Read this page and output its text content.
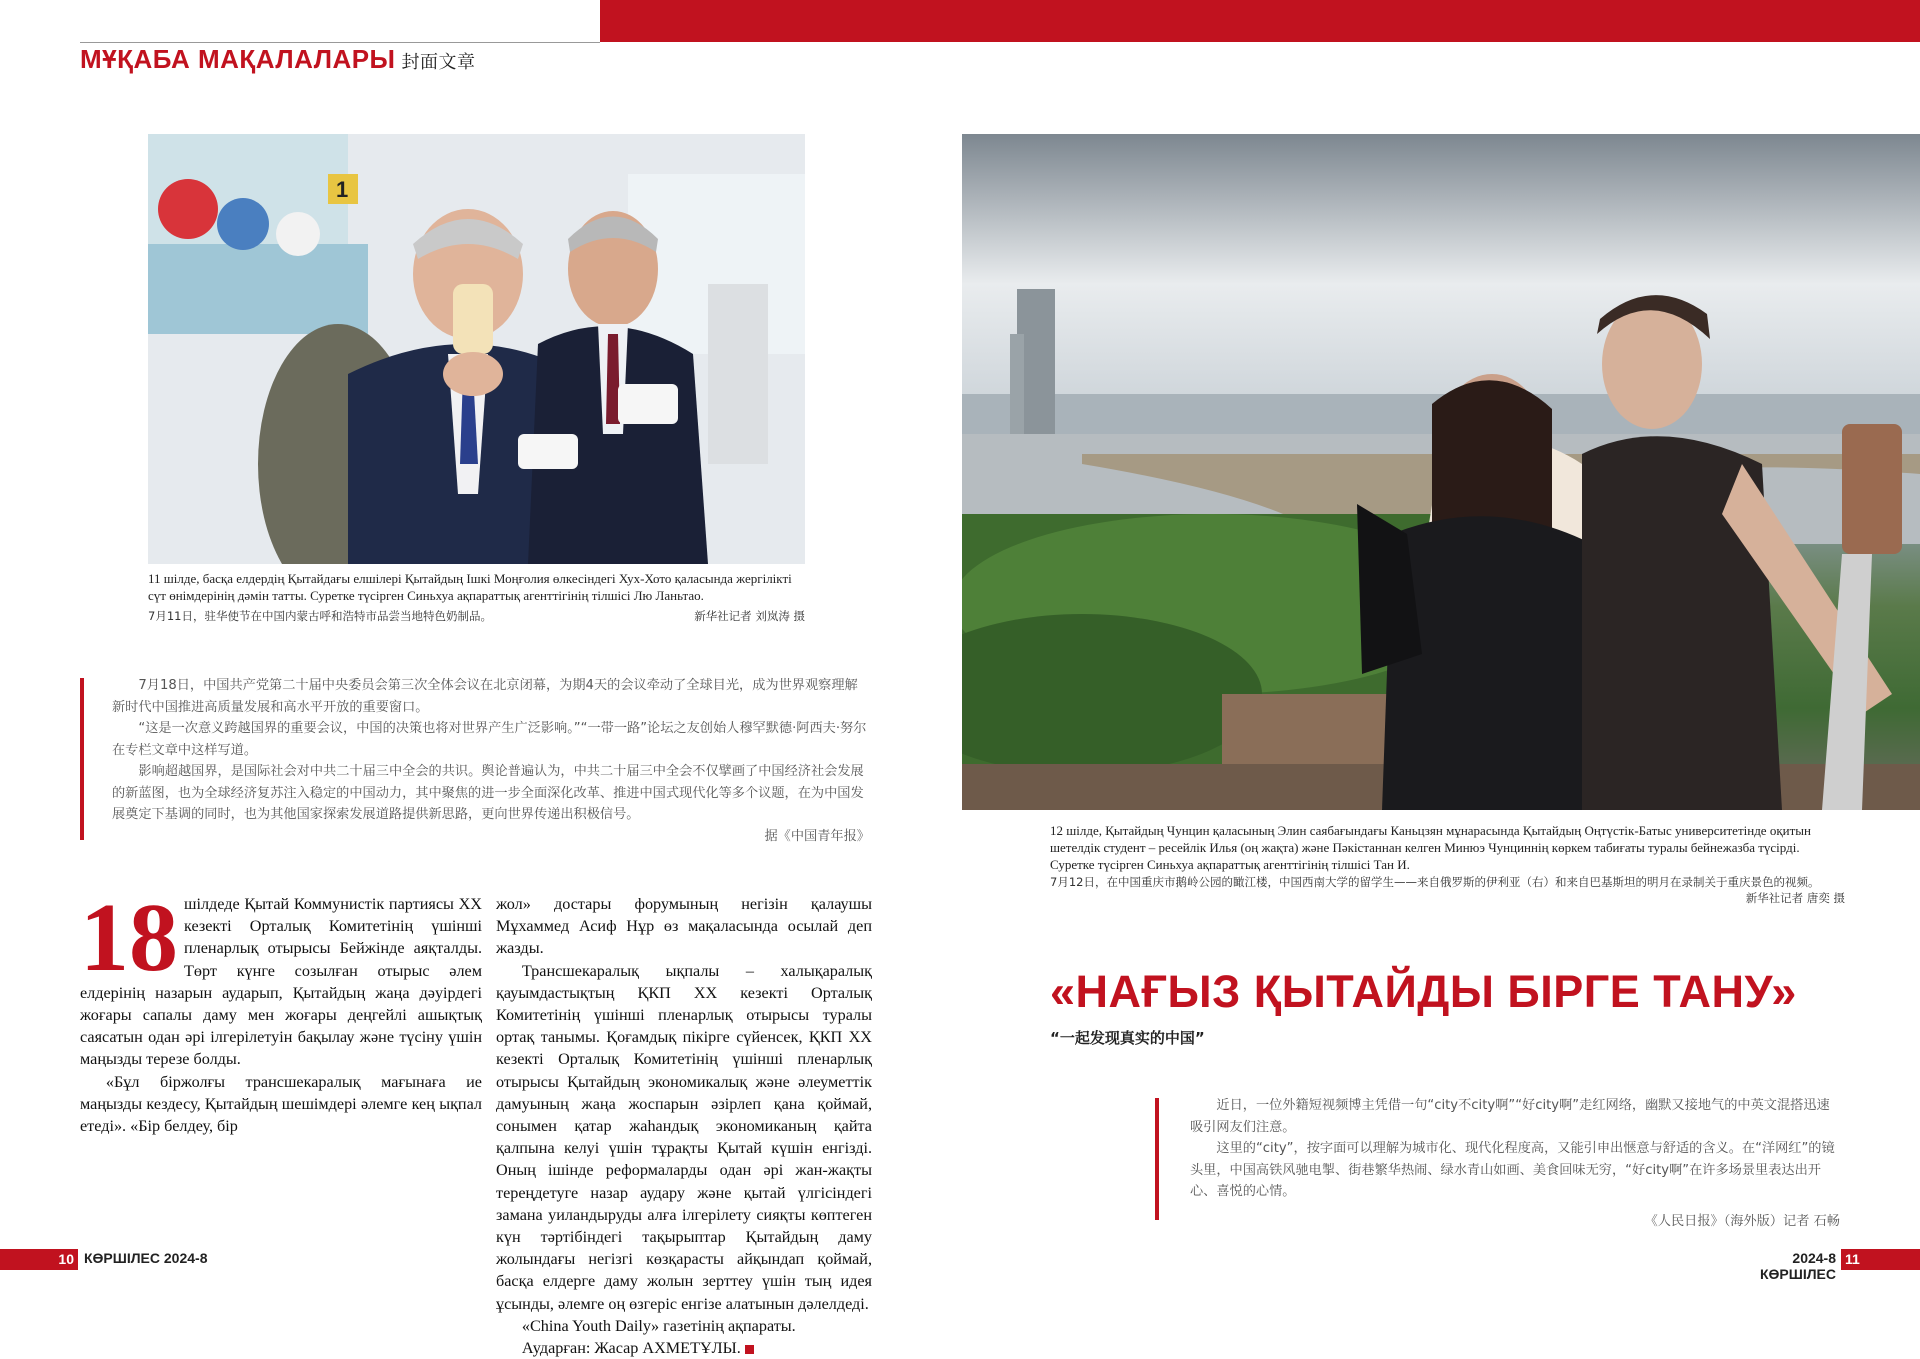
МҰҚАБА МАҚАЛАЛАРЫ 封面文章
1
11 шілде, басқа елдердің Қытайдағы елшілері Қытайдың Ішкі Моңғолия өлкесіндегі Хух-Хото қаласында жергілікті сүт өнімдерінің дәмін татты. Суретке түсірген Синьхуа ақпараттық агенттігінің тілшісі Лю Ланьтао.
7月11日，驻华使节在中国内蒙古呼和浩特市品尝当地特色奶制品。	新华社记者 刘岚涛 摄

7月18日，中国共产党第二十届中央委员会第三次全体会议在北京闭幕，为期4天的会议牵动了全球目光，成为世界观察理解新时代中国推进高质量发展和高水平开放的重要窗口。

“这是一次意义跨越国界的重要会议，中国的决策也将对世界产生广泛影响。”“一带一路”论坛之友创始人穆罕默德·阿西夫·努尔在专栏文章中这样写道。

影响超越国界，是国际社会对中共二十届三中全会的共识。舆论普遍认为，中共二十届三中全会不仅擘画了中国经济社会发展的新蓝图，也为全球经济复苏注入稳定的中国动力，其中聚焦的进一步全面深化改革、推进中国式现代化等多个议题，在为中国发展奠定下基调的同时，也为其他国家探索发展道路提供新思路，更向世界传递出积极信号。

据《中国青年报》
18 шілдеде Қытай Коммунистік партиясы XX кезекті Орталық Комитетінің үшінші пленарлық отырысы Бейжінде аяқталды. Төрт күнге созылған отырыс әлем елдерінің назарын аударып, Қытайдың жаңа дәуірдегі жоғары сапалы даму мен жоғары деңгейлі ашықтық саясатын одан әрі ілгерілетуін бақылау және түсіну үшін маңызды терезе болды.

«Бұл біржолғы трансшекаралық мағынаға ие маңызды кездесу, Қытайдың шешімдері әлемге кең ықпал етеді». «Бір белдеу, бір

жол» достары форумының негізін қалаушы Мұхаммед Асиф Нұр өз мақаласында осылай деп жазды.

Трансшекаралық ықпалы – халықаралық қауымдастықтың ҚКП XX кезекті Орталық Комитетінің үшінші пленарлық отырысы туралы ортақ танымы. Қоғамдық пікірге сүйенсек, ҚКП XX кезекті Орталық Комитетінің үшінші пленарлық отырысы Қытайдың экономикалық және әлеуметтік дамуының жаңа жоспарын әзірлеп қана қоймай, сонымен қатар жаһандық экономиканың қайта қалпына келуі үшін тұрақты Қытай күшін енгізді. Оның ішінде реформаларды одан әрі жан-жақты тереңдетуге назар аудару және қытай үлгісіндегі замана уиландыруды алға ілгерілету сияқты көптеген күн тәртібіндегі тақырыптар Қытайдың даму жолындағы негізгі көзқарасты айқындап қоймай, басқа елдерге даму жолын зерттеу үшін тың идея ұсынды, әлемге оң өзгеріс енгізе алатынын дәлелдеді.

«China Youth Daily» газетінің ақпараты.

Аударған: Жасар АХМЕТҰЛЫ.

12 шілде, Қытайдың Чунцин қаласының Элин саябағындағы Каньцзян мұнарасында Қытайдың Оңтүстік-Батыс университетінде оқитын шетелдік студент – ресейлік Илья (оң жақта) және Пәкістаннан келген Минюэ Чунциннің көркем табиғаты туралы бейнежазба түсірді. Суретке түсірген Синьхуа ақпараттық агенттігінің тілшісі Тан И.
7月12日，在中国重庆市鹅岭公园的瞰江楼，中国西南大学的留学生——来自俄罗斯的伊利亚（右）和来自巴基斯坦的明月在录制关于重庆景色的视频。
新华社记者 唐奕 摄
«НАҒЫЗ ҚЫТАЙДЫ БІРГЕ ТАНУ»
“一起发现真实的中国”

近日，一位外籍短视频博主凭借一句“city不city啊”“好city啊”走红网络，幽默又接地气的中英文混搭迅速吸引网友们注意。

这里的“city”，按字面可以理解为城市化、现代化程度高，又能引申出惬意与舒适的含义。在“洋网红”的镜头里，中国高铁风驰电掣、街巷繁华热闹、绿水青山如画、美食回味无穷，“好city啊”在许多场景里表达出开心、喜悦的心情。

《人民日报》（海外版）记者 石畅
10 КӨРШІЛЕС 2024-8	2024-8 КӨРШІЛЕС
11
